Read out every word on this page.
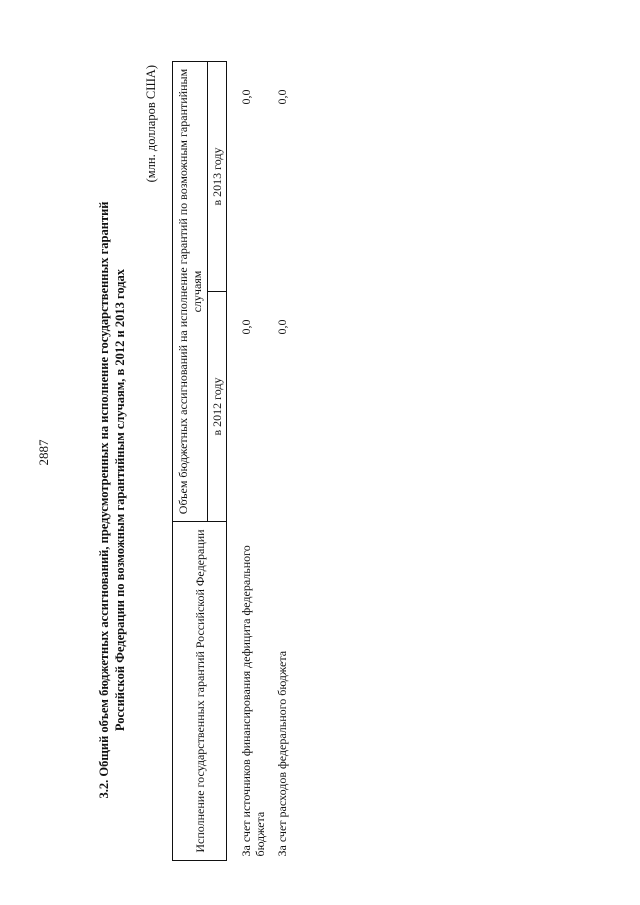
2887	3.2. Общий объем бюджетных ассигнований, предусмотренных на исполнение государственных гарантий Российской Федерации по возможным гарантийным случаям, в 2012 и 2013 годах
(млн. долларов США)
Исполнение государственных гарантий Российской Федерации	Объем бюджетных ассигнований на исполнение гарантий по возможным гарантийным случаям	
	в 2012 году	в 2013 году
За счет источников финансирования дефицита федерального бюджета	0,0	0,0
За счет расходов федерального бюджета	0,0	0,0
